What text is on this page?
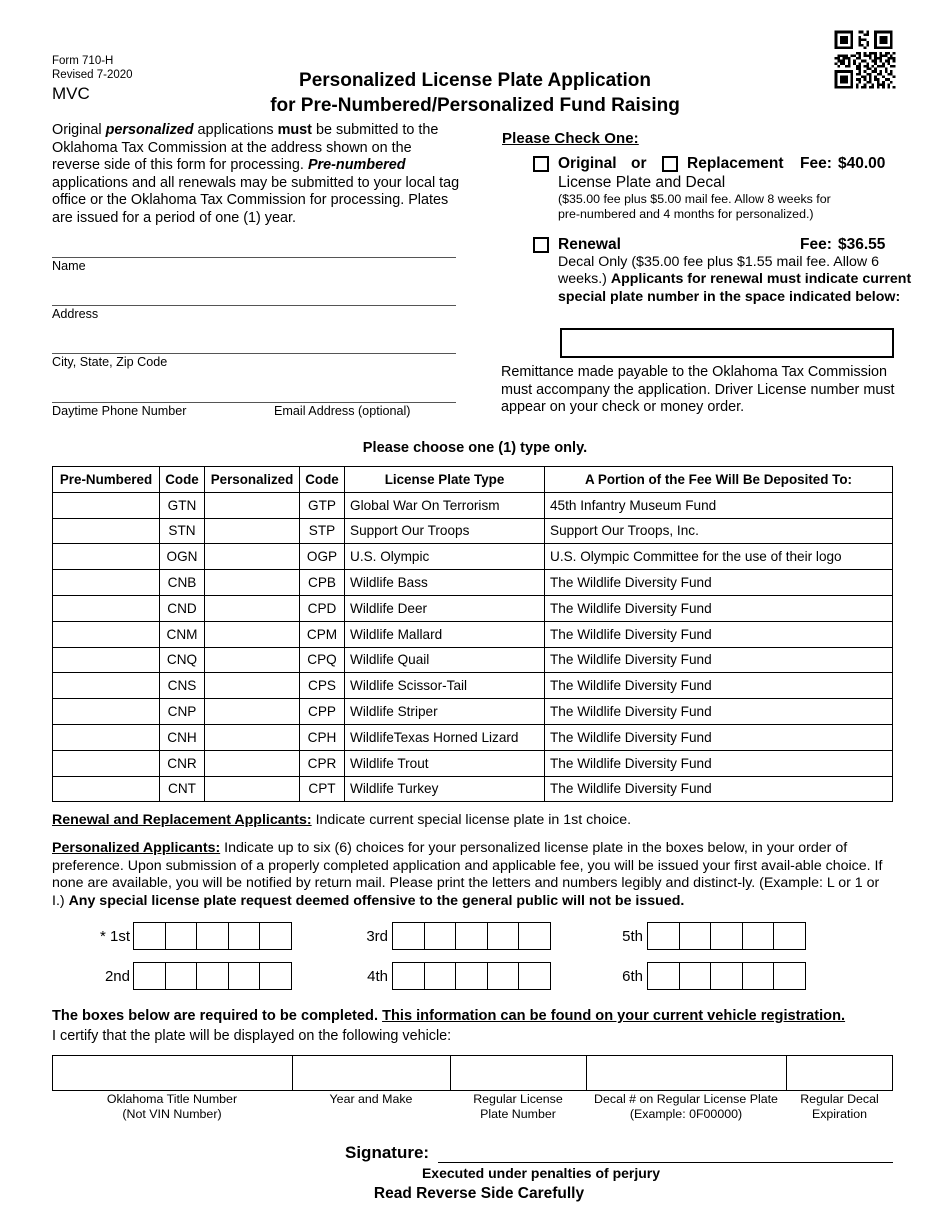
Form 710-H
Revised 7-2020
MVC
Personalized License Plate Application
for Pre-Numbered/Personalized Fund Raising
Original personalized applications must be submitted to the Oklahoma Tax Commission at the address shown on the reverse side of this form for processing. Pre-numbered applications and all renewals may be submitted to your local tag office or the Oklahoma Tax Commission for processing. Plates are issued for a period of one (1) year.
Name
Address
City, State, Zip Code
Daytime Phone Number	Email Address (optional)
Please Check One:
Original or	Replacement Fee: $40.00
License Plate and Decal
($35.00 fee plus $5.00 mail fee. Allow 8 weeks for
pre-numbered and 4 months for personalized.)
Renewal	Fee: $36.55
Decal Only ($35.00 fee plus $1.55 mail fee. Allow 6 weeks.) Applicants for renewal must indicate current special plate number in the space indicated below:
Remittance made payable to the Oklahoma Tax Commission must accompany the application. Driver License number must appear on your check or money order.
Please choose one (1) type only.
Pre-Numbered	Code	Personalized	Code	License Plate Type	A Portion of the Fee Will Be Deposited To:
	GTN		GTP	Global War On Terrorism	45th Infantry Museum Fund
	STN		STP	Support Our Troops	Support Our Troops, Inc.
	OGN		OGP	U.S. Olympic	U.S. Olympic Committee for the use of their logo
	CNB		CPB	Wildlife Bass	The Wildlife Diversity Fund
	CND		CPD	Wildlife Deer	The Wildlife Diversity Fund
	CNM		CPM	Wildlife Mallard	The Wildlife Diversity Fund
	CNQ		CPQ	Wildlife Quail	The Wildlife Diversity Fund
	CNS		CPS	Wildlife Scissor-Tail	The Wildlife Diversity Fund
	CNP		CPP	Wildlife Striper	The Wildlife Diversity Fund
	CNH		CPH	WildlifeTexas Horned Lizard	The Wildlife Diversity Fund
	CNR		CPR	Wildlife Trout	The Wildlife Diversity Fund
	CNT		CPT	Wildlife Turkey	The Wildlife Diversity Fund
Renewal and Replacement Applicants: Indicate current special license plate in 1st choice.
Personalized Applicants: Indicate up to six (6) choices for your personalized license plate in the boxes below, in your order of preference. Upon submission of a properly completed application and applicable fee, you will be issued your first avail-able choice. If none are available, you will be notified by return mail. Please print the letters and numbers legibly and distinct-ly. (Example: L or 1 or I.) Any special license plate request deemed offensive to the general public will not be issued.
* 1st
2nd
3rd
4th
5th
6th
The boxes below are required to be completed. This information can be found on your current vehicle registration.
I certify that the plate will be displayed on the following vehicle:

Oklahoma Title Number
(Not VIN Number)
Year and Make	Regular License
Plate Number
Decal # on Regular License Plate
(Example: 0F00000)
Regular Decal
Expiration
Signature:
Executed under penalties of perjury
Read Reverse Side Carefully
